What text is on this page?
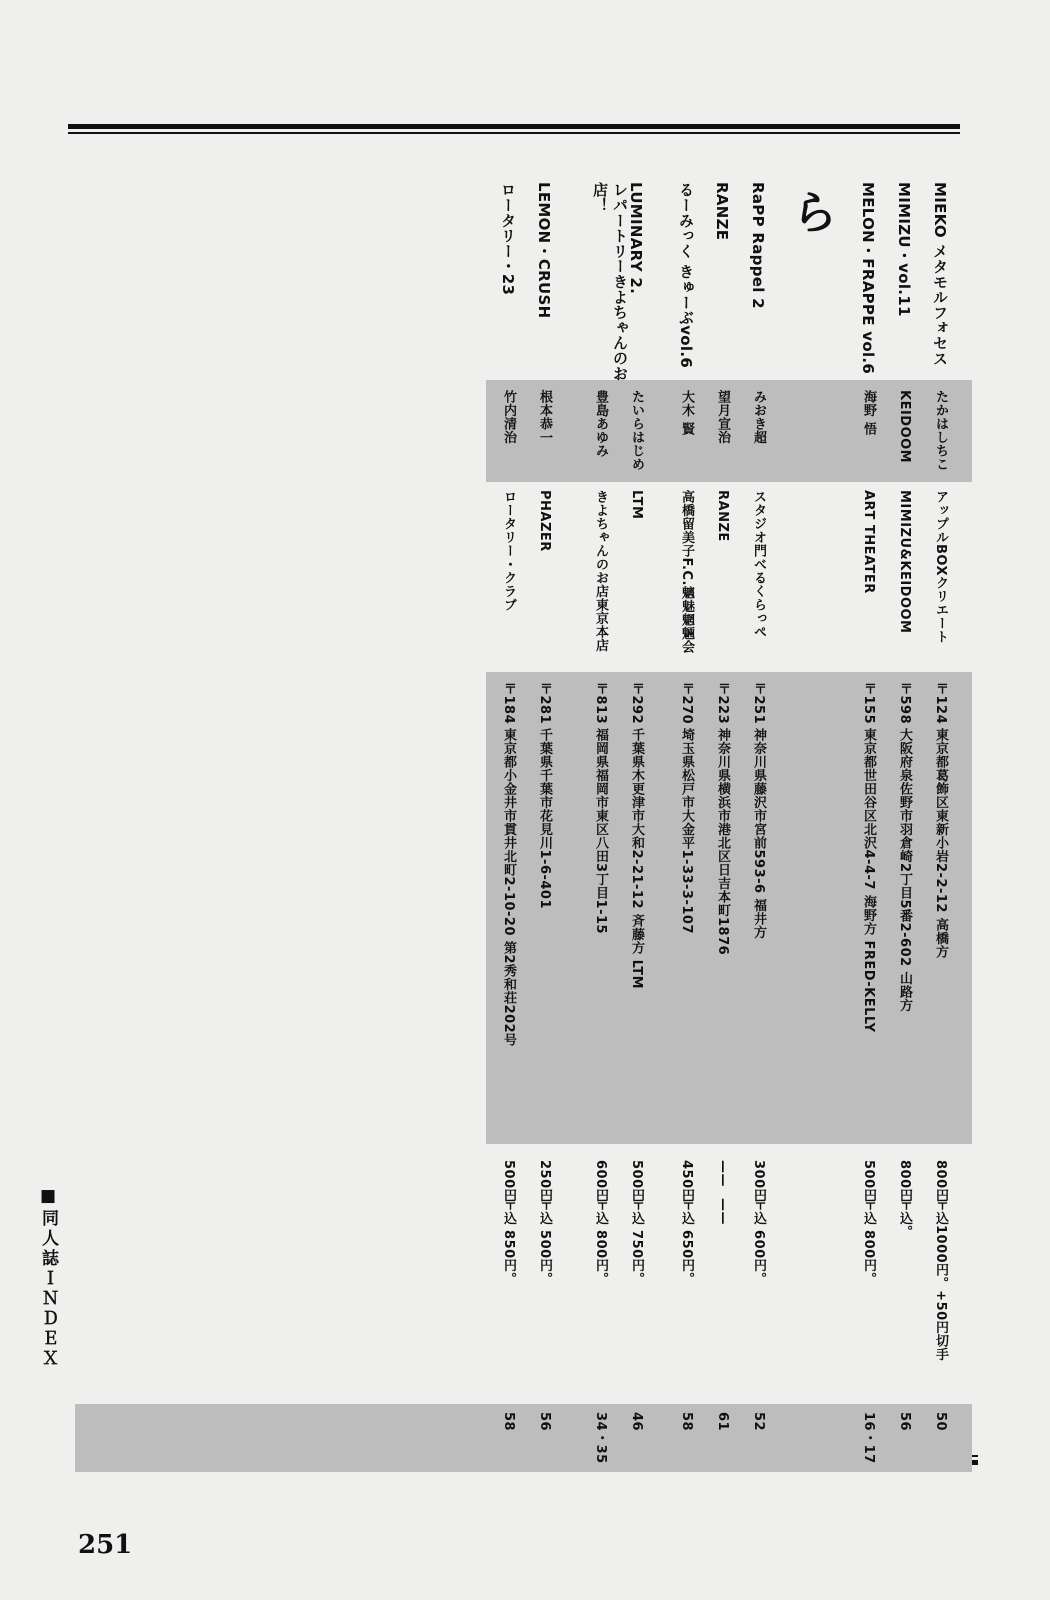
ら
■同人誌ＩＮＤＥＸ
251
MIEKO メタモルフォセス
たかはしちこ
アップルBOXクリエート
〒124
東京都葛飾区東新小岩2-2-12 高橋方
800円
〒込1000円。+50円切手
50
MIMIZU・vol.11
KEIDOOM
MIMIZU&KEIDOOM
〒598
大阪府泉佐野市羽倉崎2丁目5番2-602 山路方
800円
〒込。
56
MELON・FRAPPE vol.6
海野 悟
ART THEATER
〒155
東京都世田谷区北沢4-4-7 海野方 FRED-KELLY
500円
〒込 800円。
16・17
RaPP Rappel 2
みおき超
スタジオ門べるくらっぺ
〒251
神奈川県藤沢市宮前593-6 福井方
300円
〒込 600円。
52
RANZE
望月宣治
RANZE
〒223
神奈川県横浜市港北区日吉本町1876
——
——
61
るーみっく きゅーぶvol.6
大木 賢
高橋留美子F.C.魑魅魍魎会
〒270
埼玉県松戸市大金平1-33-3-107
450円
〒込 650円。
58
LUMINARY 2.
たいらはじめ
LTM
〒292
千葉県木更津市大和2-21-12 斉藤方 LTM
500円
〒込 750円。
46
レパートリーきよちゃんのお店！
豊島あゆみ
きよちゃんのお店東京本店
〒813
福岡県福岡市東区八田3丁目1-15
600円
〒込 800円。
34・35
LEMON・CRUSH
根本恭一
PHAZER
〒281
千葉県千葉市花見川1-6-401
250円
〒込 500円。
56
ロータリー・23
竹内清治
ロータリー・クラブ
〒184
東京都小金井市貫井北町2-10-20 第2秀和荘202号
500円
〒込 850円。
58
